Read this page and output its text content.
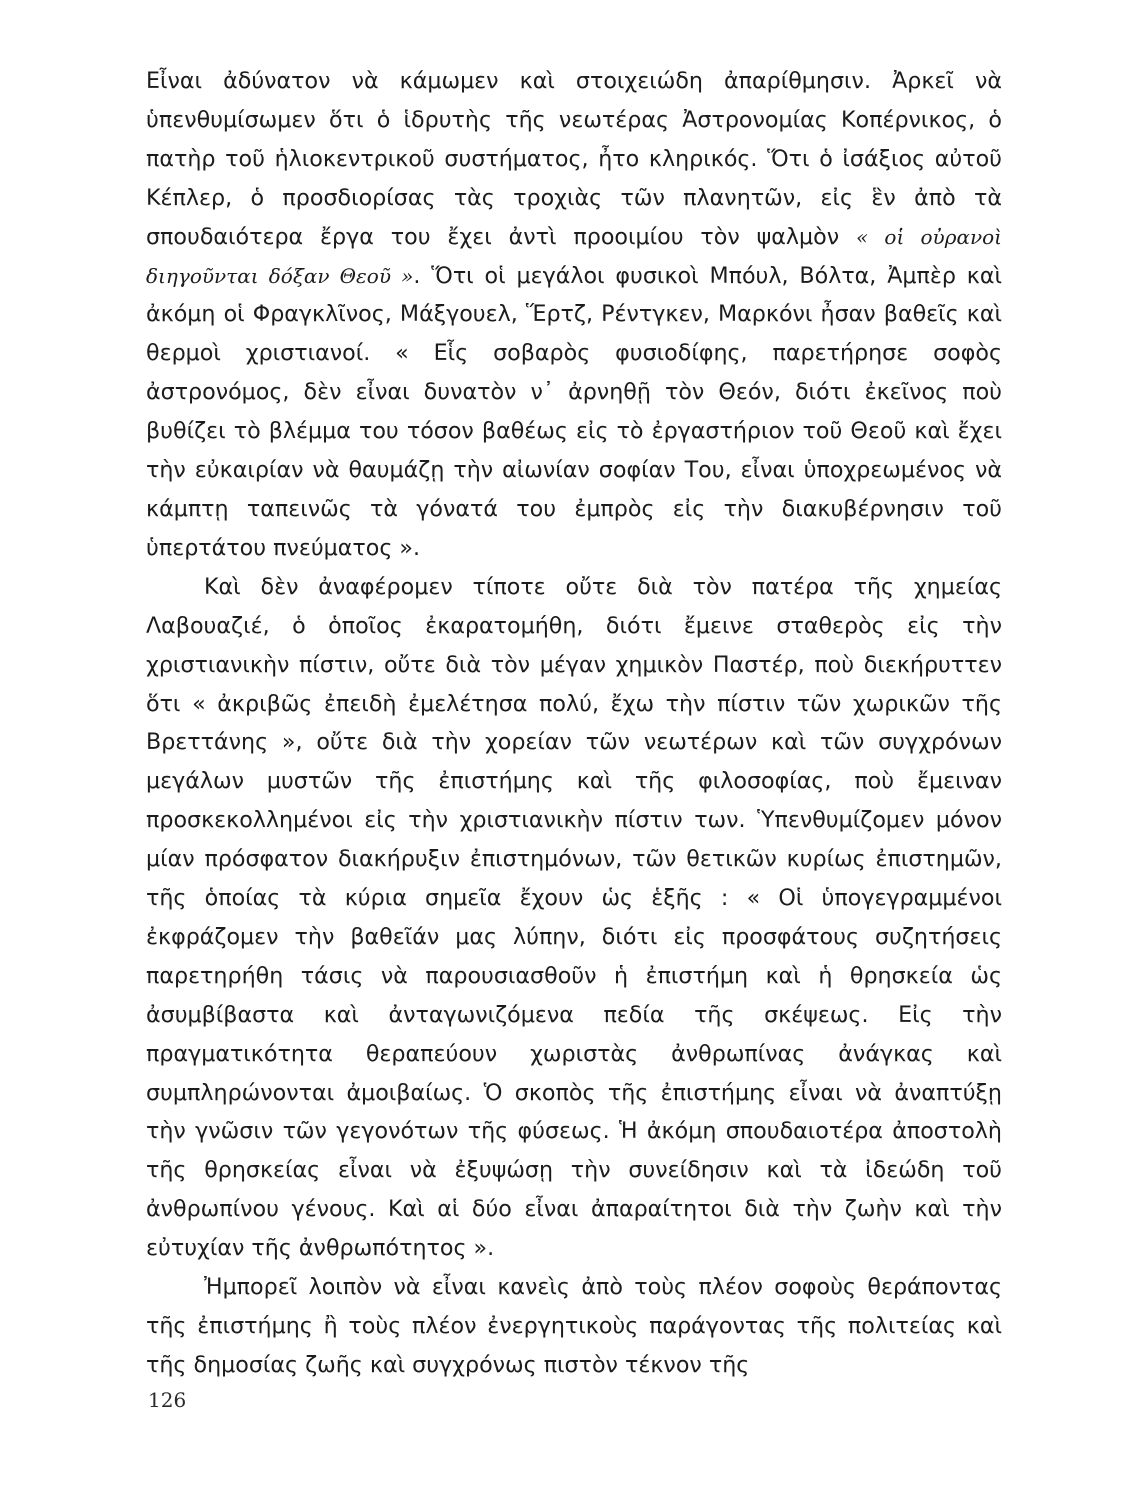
Εἶναι ἀδύνατον νὰ κάμωμεν καὶ στοιχειώδη ἀπαρίθμησιν. Ἀρκεῖ νὰ ὑπενθυμίσωμεν ὅτι ὁ ἱδρυτὴς τῆς νεωτέρας Ἀστρονομίας Κοπέρνικος, ὁ πατὴρ τοῦ ἡλιοκεντρικοῦ συστήματος, ἦτο κληρικός. Ὅτι ὁ ἰσάξιος αὐτοῦ Κέπλερ, ὁ προσδιορίσας τὰς τροχιὰς τῶν πλανητῶν, εἰς ἓν ἀπὸ τὰ σπουδαιότερα ἔργα του ἔχει ἀντὶ προοιμίου τὸν ψαλμὸν « οἱ οὐρανοὶ διηγοῦνται δόξαν Θεοῦ ». Ὅτι οἱ μεγάλοι φυσικοὶ Μπόυλ, Βόλτα, Ἀμπὲρ καὶ ἀκόμη οἱ Φραγκλῖνος, Μάξγουελ, Ἕρτζ, Ρέντγκεν, Μαρκόνι ἦσαν βαθεῖς καὶ θερμοὶ χριστιανοί. « Εἷς σοβαρὸς φυσιοδίφης, παρετήρησε σοφὸς ἀστρονόμος, δὲν εἶναι δυνατὸν ν᾽ ἀρνηθῇ τὸν Θεόν, διότι ἐκεῖνος ποὺ βυθίζει τὸ βλέμμα του τόσον βαθέως εἰς τὸ ἐργαστήριον τοῦ Θεοῦ καὶ ἔχει τὴν εὐκαιρίαν νὰ θαυμάζῃ τὴν αἰωνίαν σοφίαν Του, εἶναι ὑποχρεωμένος νὰ κάμπτῃ ταπεινῶς τὰ γόνατά του ἐμπρὸς εἰς τὴν διακυβέρνησιν τοῦ ὑπερτάτου πνεύματος ».

Καὶ δὲν ἀναφέρομεν τίποτε οὔτε διὰ τὸν πατέρα τῆς χημείας Λαβουαζιέ, ὁ ὁποῖος ἐκαρατομήθη, διότι ἔμεινε σταθερὸς εἰς τὴν χριστιανικὴν πίστιν, οὔτε διὰ τὸν μέγαν χημικὸν Παστέρ, ποὺ διεκήρυττεν ὅτι « ἀκριβῶς ἐπειδὴ ἐμελέτησα πολύ, ἔχω τὴν πίστιν τῶν χωρικῶν τῆς Βρεττάνης », οὔτε διὰ τὴν χορείαν τῶν νεωτέρων καὶ τῶν συγχρόνων μεγάλων μυστῶν τῆς ἐπιστήμης καὶ τῆς φιλοσοφίας, ποὺ ἔμειναν προσκεκολλημένοι εἰς τὴν χριστιανικὴν πίστιν των. Ὑπενθυμίζομεν μόνον μίαν πρόσφατον διακήρυξιν ἐπιστημόνων, τῶν θετικῶν κυρίως ἐπιστημῶν, τῆς ὁποίας τὰ κύρια σημεῖα ἔχουν ὡς ἑξῆς : « Οἱ ὑπογεγραμμένοι ἐκφράζομεν τὴν βαθεῖάν μας λύπην, διότι εἰς προσφάτους συζητήσεις παρετηρήθη τάσις νὰ παρουσιασθοῦν ἡ ἐπιστήμη καὶ ἡ θρησκεία ὡς ἀσυμβίβαστα καὶ ἀνταγωνιζόμενα πεδία τῆς σκέψεως. Εἰς τὴν πραγματικότητα θεραπεύουν χωριστὰς ἀνθρωπίνας ἀνάγκας καὶ συμπληρώνονται ἀμοιβαίως. Ὁ σκοπὸς τῆς ἐπιστήμης εἶναι νὰ ἀναπτύξῃ τὴν γνῶσιν τῶν γεγονότων τῆς φύσεως. Ἡ ἀκόμη σπουδαιοτέρα ἀποστολὴ τῆς θρησκείας εἶναι νὰ ἐξυψώσῃ τὴν συνείδησιν καὶ τὰ ἰδεώδη τοῦ ἀνθρωπίνου γένους. Καὶ αἱ δύο εἶναι ἀπαραίτητοι διὰ τὴν ζωὴν καὶ τὴν εὐτυχίαν τῆς ἀνθρωπότητος ».

Ἠμπορεῖ λοιπὸν νὰ εἶναι κανεὶς ἀπὸ τοὺς πλέον σοφοὺς θεράποντας τῆς ἐπιστήμης ἢ τοὺς πλέον ἐνεργητικοὺς παράγοντας τῆς πολιτείας καὶ τῆς δημοσίας ζωῆς καὶ συγχρόνως πιστὸν τέκνον τῆς

126
